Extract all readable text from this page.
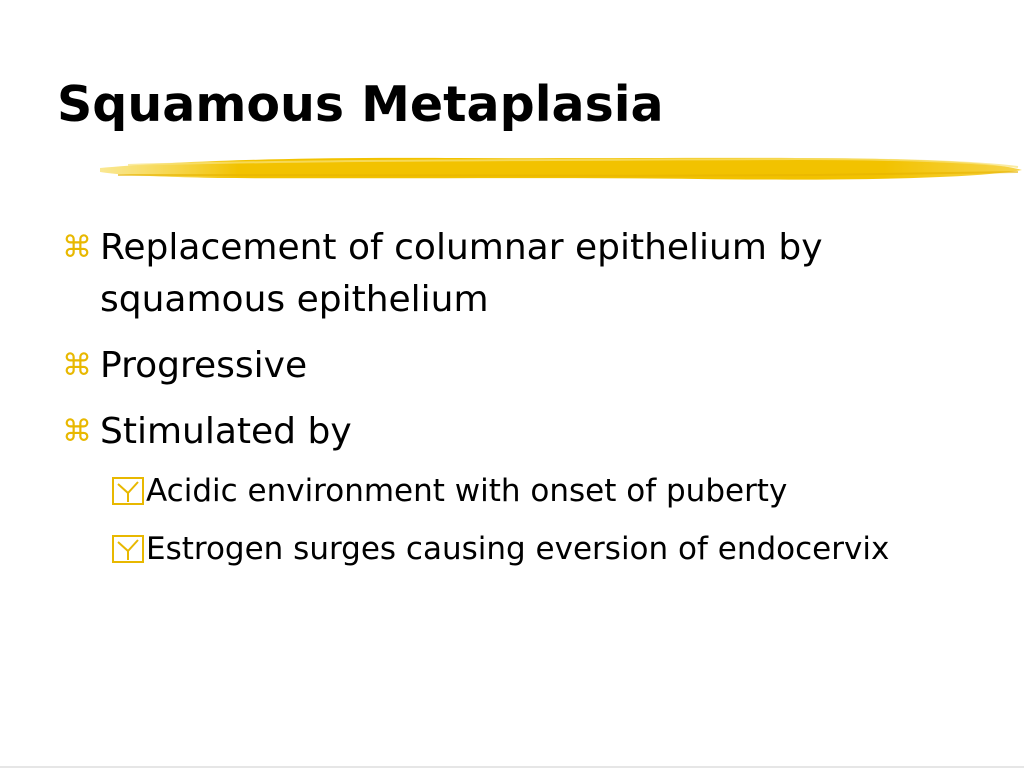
Squamous Metaplasia
⌘ Replacement of columnar epithelium by squamous epithelium
⌘ Progressive
⌘ Stimulated by
Acidic environment with onset of puberty
Estrogen surges causing eversion of endocervix
